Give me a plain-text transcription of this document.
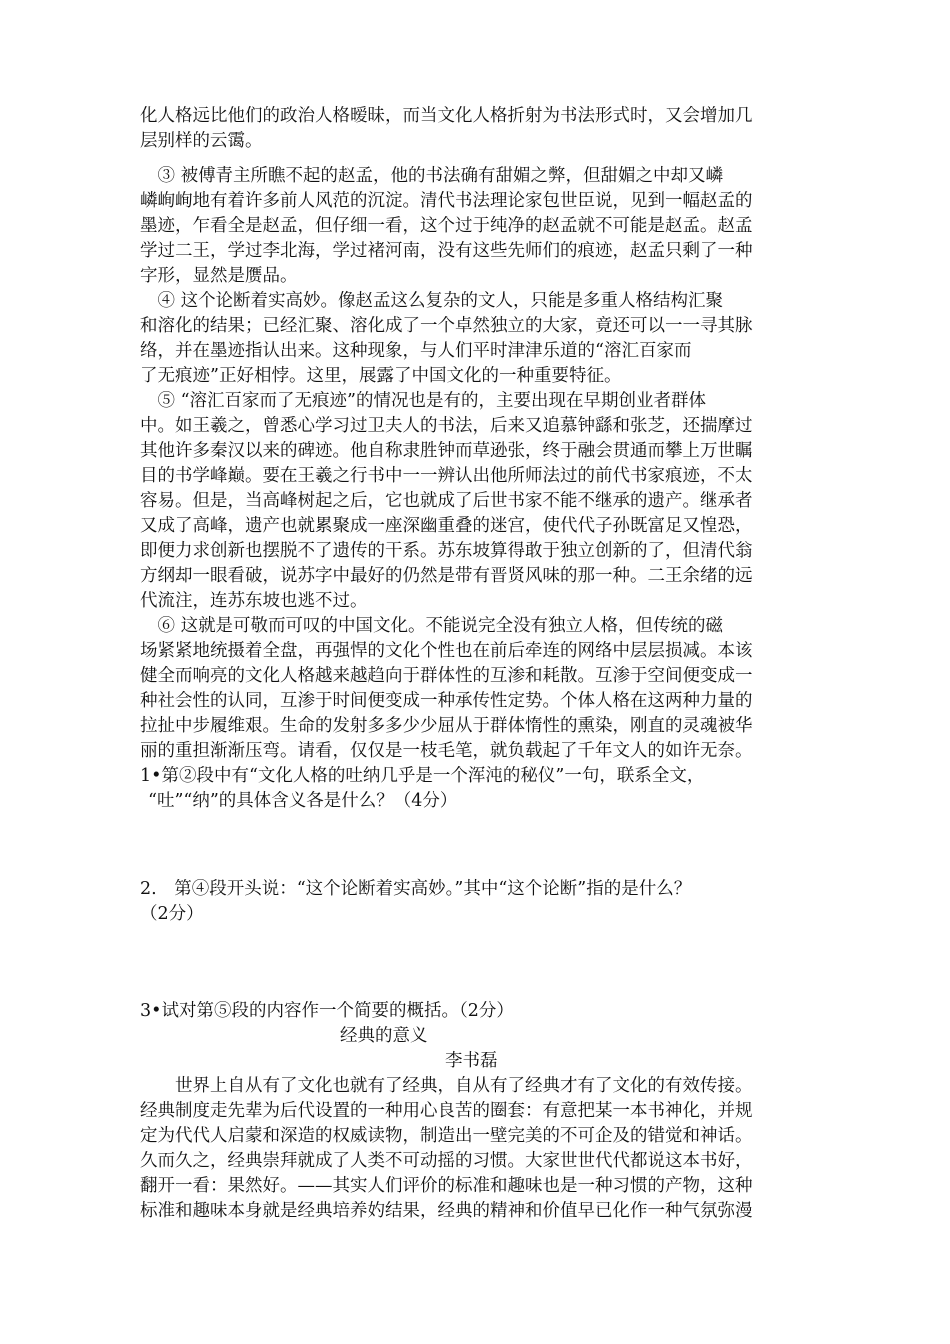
化人格远比他们的政治人格暧昧，而当文化人格折射为书法形式时，又会增加几
层别样的云霭。
　③ 被傅青主所瞧不起的赵孟，他的书法确有甜媚之弊，但甜媚之中却又嶙
嶙峋峋地有着许多前人风范的沉淀。清代书法理论家包世臣说，见到一幅赵孟的
墨迹，乍看全是赵孟，但仔细一看，这个过于纯净的赵孟就不可能是赵孟。赵孟
学过二王，学过李北海，学过褚河南，没有这些先师们的痕迹，赵孟只剩了一种
字形，显然是赝品。
　④ 这个论断着实高妙。像赵孟这么复杂的文人，只能是多重人格结构汇聚
和溶化的结果；已经汇聚、溶化成了一个卓然独立的大家，竟还可以一一寻其脉
络，并在墨迹指认出来。这种现象，与人们平时津津乐道的“溶汇百家而
了无痕迹”正好相悖。这里，展露了中国文化的一种重要特征。
　⑤ “溶汇百家而了无痕迹”的情况也是有的，主要出现在早期创业者群体
中。如王羲之，曾悉心学习过卫夫人的书法，后来又追慕钟繇和张芝，还揣摩过
其他许多秦汉以来的碑迹。他自称隶胜钟而草逊张，终于融会贯通而攀上万世瞩
目的书学峰巅。要在王羲之行书中一一辨认出他所师法过的前代书家痕迹，不太
容易。但是，当高峰树起之后，它也就成了后世书家不能不继承的遗产。继承者
又成了高峰，遗产也就累聚成一座深幽重叠的迷宫，使代代子孙既富足又惶恐，
即便力求创新也摆脱不了遗传的干系。苏东坡算得敢于独立创新的了，但清代翁
方纲却一眼看破，说苏字中最好的仍然是带有晋贤风味的那一种。二王余绪的远
代流注，连苏东坡也逃不过。
　⑥ 这就是可敬而可叹的中国文化。不能说完全没有独立人格，但传统的磁
场紧紧地统摄着全盘，再强悍的文化个性也在前后牵连的网络中层层损减。本该
健全而响亮的文化人格越来越趋向于群体性的互渗和耗散。互渗于空间便变成一
种社会性的认同，互渗于时间便变成一种承传性定势。个体人格在这两种力量的
拉扯中步履维艰。生命的发射多多少少屈从于群体惰性的熏染，刚直的灵魂被华
丽的重担渐渐压弯。请看，仅仅是一枝毛笔，就负载起了千年文人的如许无奈。
1•第②段中有“文化人格的吐纳几乎是一个浑沌的秘仪”一句，联系全文，
“吐”“纳”的具体含义各是什么？（4分）
2.　第④段开头说：“这个论断着实高妙。”其中“这个论断”指的是什么？
（2分）
3•试对第⑤段的内容作一个简要的概括。（2分）
经典的意义
李书磊
　　世界上自从有了文化也就有了经典，自从有了经典才有了文化的有效传接。
经典制度走先辈为后代设置的一种用心良苦的圈套：有意把某一本书神化，并规
定为代代人启蒙和深造的权威读物，制造出一壁完美的不可企及的错觉和神话。
久而久之，经典崇拜就成了人类不可动摇的习惯。大家世世代代都说这本书好，
翻开一看：果然好。——其实人们评价的标准和趣味也是一种习惯的产物，这种
标准和趣味本身就是经典培养妁结果，经典的精神和价值早已化作一种气氛弥漫
